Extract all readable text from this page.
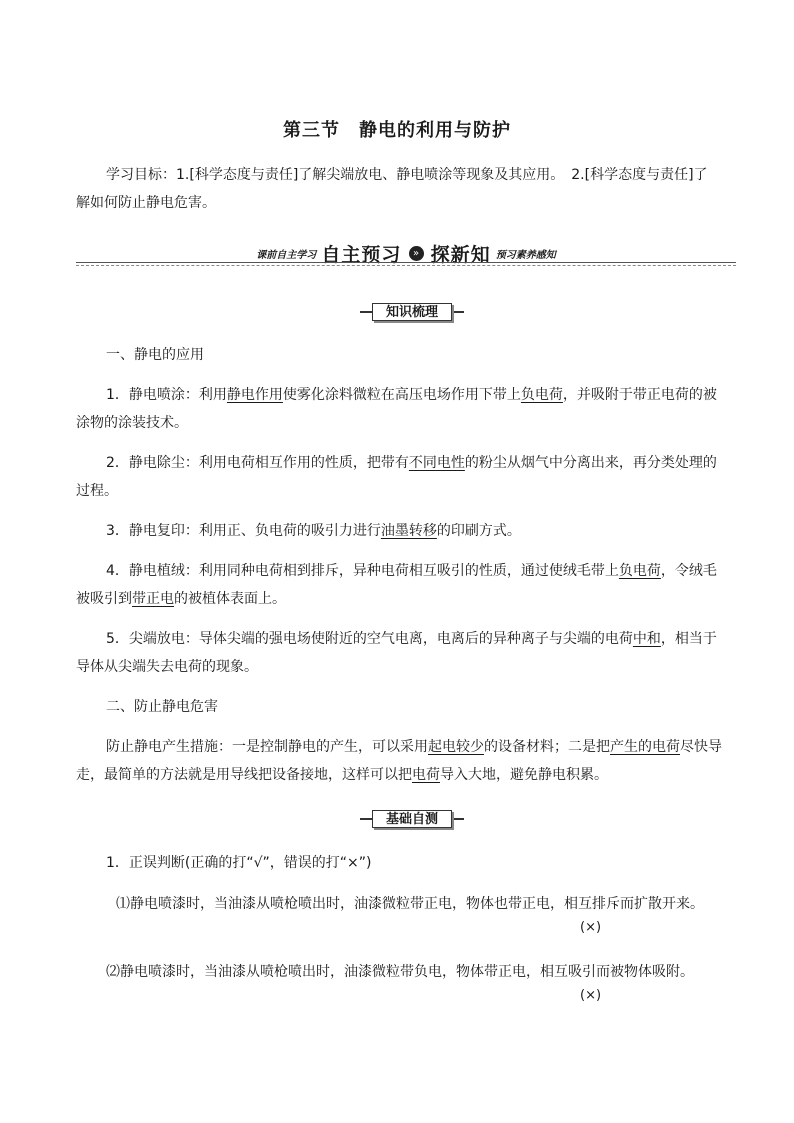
第三节　静电的利用与防护
学习目标：1.[科学态度与责任]了解尖端放电、静电喷涂等现象及其应用。　2.[科学态度与责任]了
解如何防止静电危害。
课前自主学习 自主预习 » 探新知 预习素养感知
知识梳理
一、静电的应用
1．静电喷涂：利用静电作用使雾化涂料微粒在高压电场作用下带上负电荷，并吸附于带正电荷的被
涂物的涂装技术。
2．静电除尘：利用电荷相互作用的性质，把带有不同电性的粉尘从烟气中分离出来，再分类处理的
过程。
3．静电复印：利用正、负电荷的吸引力进行油墨转移的印刷方式。
4．静电植绒：利用同种电荷相到排斥，异种电荷相互吸引的性质，通过使绒毛带上负电荷，令绒毛
被吸引到带正电的被植体表面上。
5．尖端放电：导体尖端的强电场使附近的空气电离，电离后的异种离子与尖端的电荷中和，相当于
导体从尖端失去电荷的现象。
二、防止静电危害
防止静电产生措施：一是控制静电的产生，可以采用起电较少的设备材料；二是把产生的电荷尽快导
走，最简单的方法就是用导线把设备接地，这样可以把电荷导入大地，避免静电积累。
基础自测
1．正误判断(正确的打“√”，错误的打“×”)
⑴静电喷漆时，当油漆从喷枪喷出时，油漆微粒带正电，物体也带正电，相互排斥而扩散开来。
(×)
⑵静电喷漆时，当油漆从喷枪喷出时，油漆微粒带负电，物体带正电，相互吸引而被物体吸附。
(×)
